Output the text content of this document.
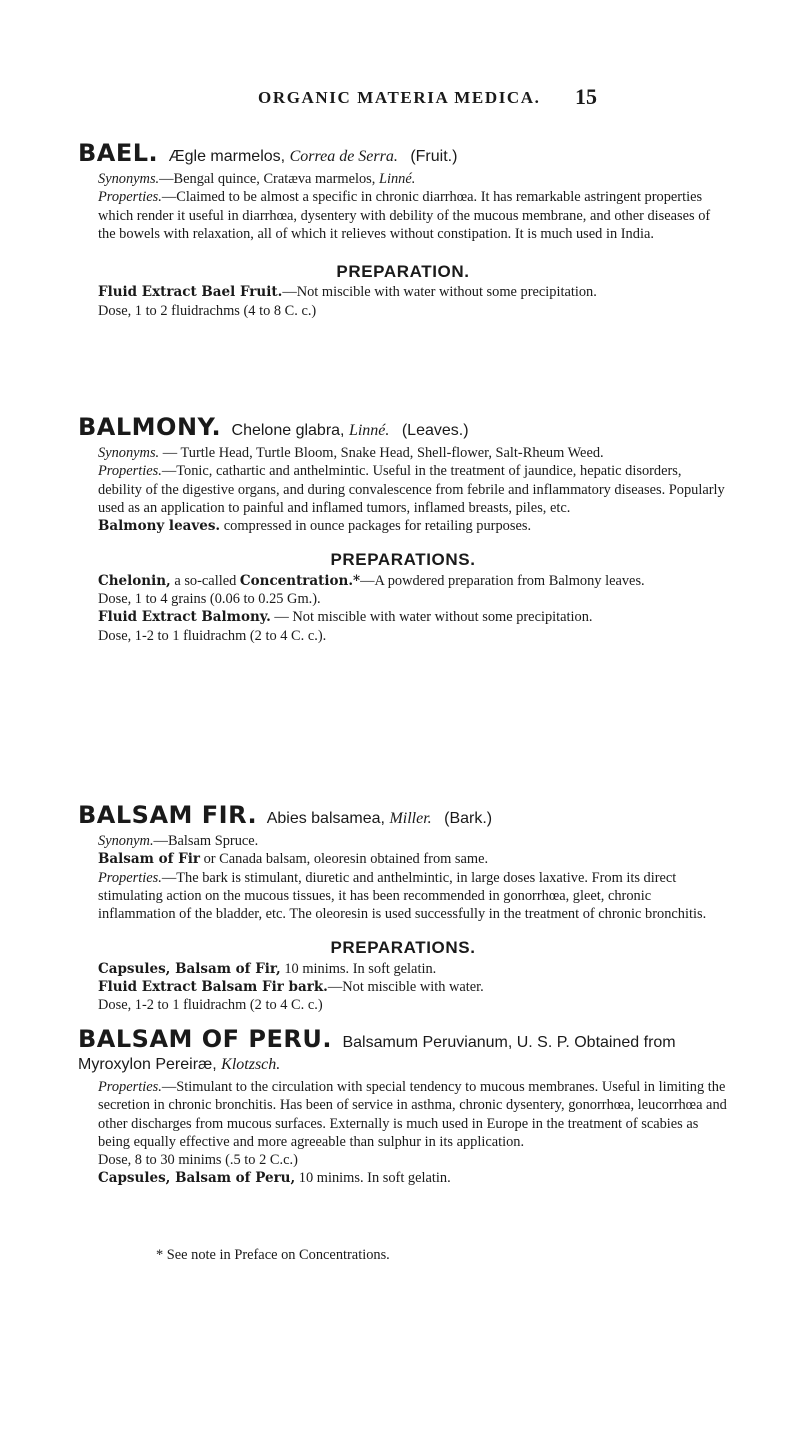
ORGANIC MATERIA MEDICA. 15
BAEL. Ægle marmelos, Correa de Serra. (Fruit.)

Synonyms.—Bengal quince, Cratæva marmelos, Linné.

Properties.—Claimed to be almost a specific in chronic diarrhœa. It has remarkable astringent properties which render it useful in diarrhœa, dysentery with debility of the mucous membrane, and other diseases of the bowels with relaxation, all of which it relieves without constipation. It is much used in India.

PREPARATION.

Fluid Extract Bael Fruit.—Not miscible with water without some precipitation.
Dose, 1 to 2 fluidrachms (4 to 8 C. c.)

BALMONY. Chelone glabra, Linné. (Leaves.)

Synonyms. — Turtle Head, Turtle Bloom, Snake Head, Shell-flower, Salt-Rheum Weed.

Properties.—Tonic, cathartic and anthelmintic. Useful in the treatment of jaundice, hepatic disorders, debility of the digestive organs, and during convalescence from febrile and inflammatory diseases. Popularly used as an application to painful and inflamed tumors, inflamed breasts, piles, etc.

Balmony leaves. compressed in ounce packages for retailing purposes.

PREPARATIONS.

Chelonin, a so-called Concentration.*—A powdered preparation from Balmony leaves.
Dose, 1 to 4 grains (0.06 to 0.25 Gm.).

Fluid Extract Balmony. — Not miscible with water without some precipitation.
Dose, 1-2 to 1 fluidrachm (2 to 4 C. c.).

BALSAM FIR. Abies balsamea, Miller. (Bark.)

Synonym.—Balsam Spruce.

Balsam of Fir or Canada balsam, oleoresin obtained from same.

Properties.—The bark is stimulant, diuretic and anthelmintic, in large doses laxative. From its direct stimulating action on the mucous tissues, it has been recommended in gonorrhœa, gleet, chronic inflammation of the bladder, etc. The oleoresin is used successfully in the treatment of chronic bronchitis.

PREPARATIONS.

Capsules, Balsam of Fir, 10 minims. In soft gelatin.

Fluid Extract Balsam Fir bark.—Not miscible with water.
Dose, 1-2 to 1 fluidrachm (2 to 4 C. c.)

BALSAM OF PERU. Balsamum Peruvianum, U. S. P. Obtained from Myroxylon Pereiræ, Klotzsch.

Properties.—Stimulant to the circulation with special tendency to mucous membranes. Useful in limiting the secretion in chronic bronchitis. Has been of service in asthma, chronic dysentery, gonorrhœa, leucorrhœa and other discharges from mucous surfaces. Externally is much used in Europe in the treatment of scabies as being equally effective and more agreeable than sulphur in its application.

Dose, 8 to 30 minims (.5 to 2 C.c.)

Capsules, Balsam of Peru, 10 minims. In soft gelatin.

* See note in Preface on Concentrations.
